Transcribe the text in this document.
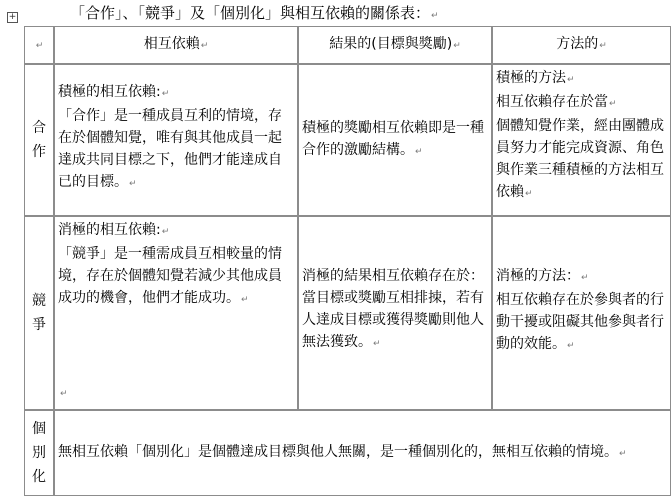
+	「合作」、「競爭」及「個別化」與相互依賴的關係表：↵
↵	相互依賴↵	結果的(目標與獎勵)↵	方法的↵

合
作	積極的相互依賴:↵
「合作」是一種成員互利的情境，存在於個體知覺，唯有與其他成員一起達成共同目標之下，他們才能達成自已的目標。↵	積極的獎勵相互依賴即是一種合作的激勵結構。↵	積極的方法↵
相互依賴存在於當↵
個體知覺作業，經由團體成員努力才能完成資源、角色與作業三種積極的方法相互依賴↵

競
爭	消極的相互依賴:↵
「競爭」是一種需成員互相較量的情境，存在於個體知覺若減少其他成員成功的機會，他們才能成功。↵
↵	消極的結果相互依賴存在於：當目標或獎勵互相排拺，若有人達成目標或獲得獎勵則他人無法獲致。↵	消極的方法：↵
相互依賴存在於參與者的行動干擾或阻礙其他參與者行動的效能。↵

個
別
化	無相互依賴「個別化」是個體達成目標與他人無關，是一種個別化的，無相互依賴的情境。↵		
